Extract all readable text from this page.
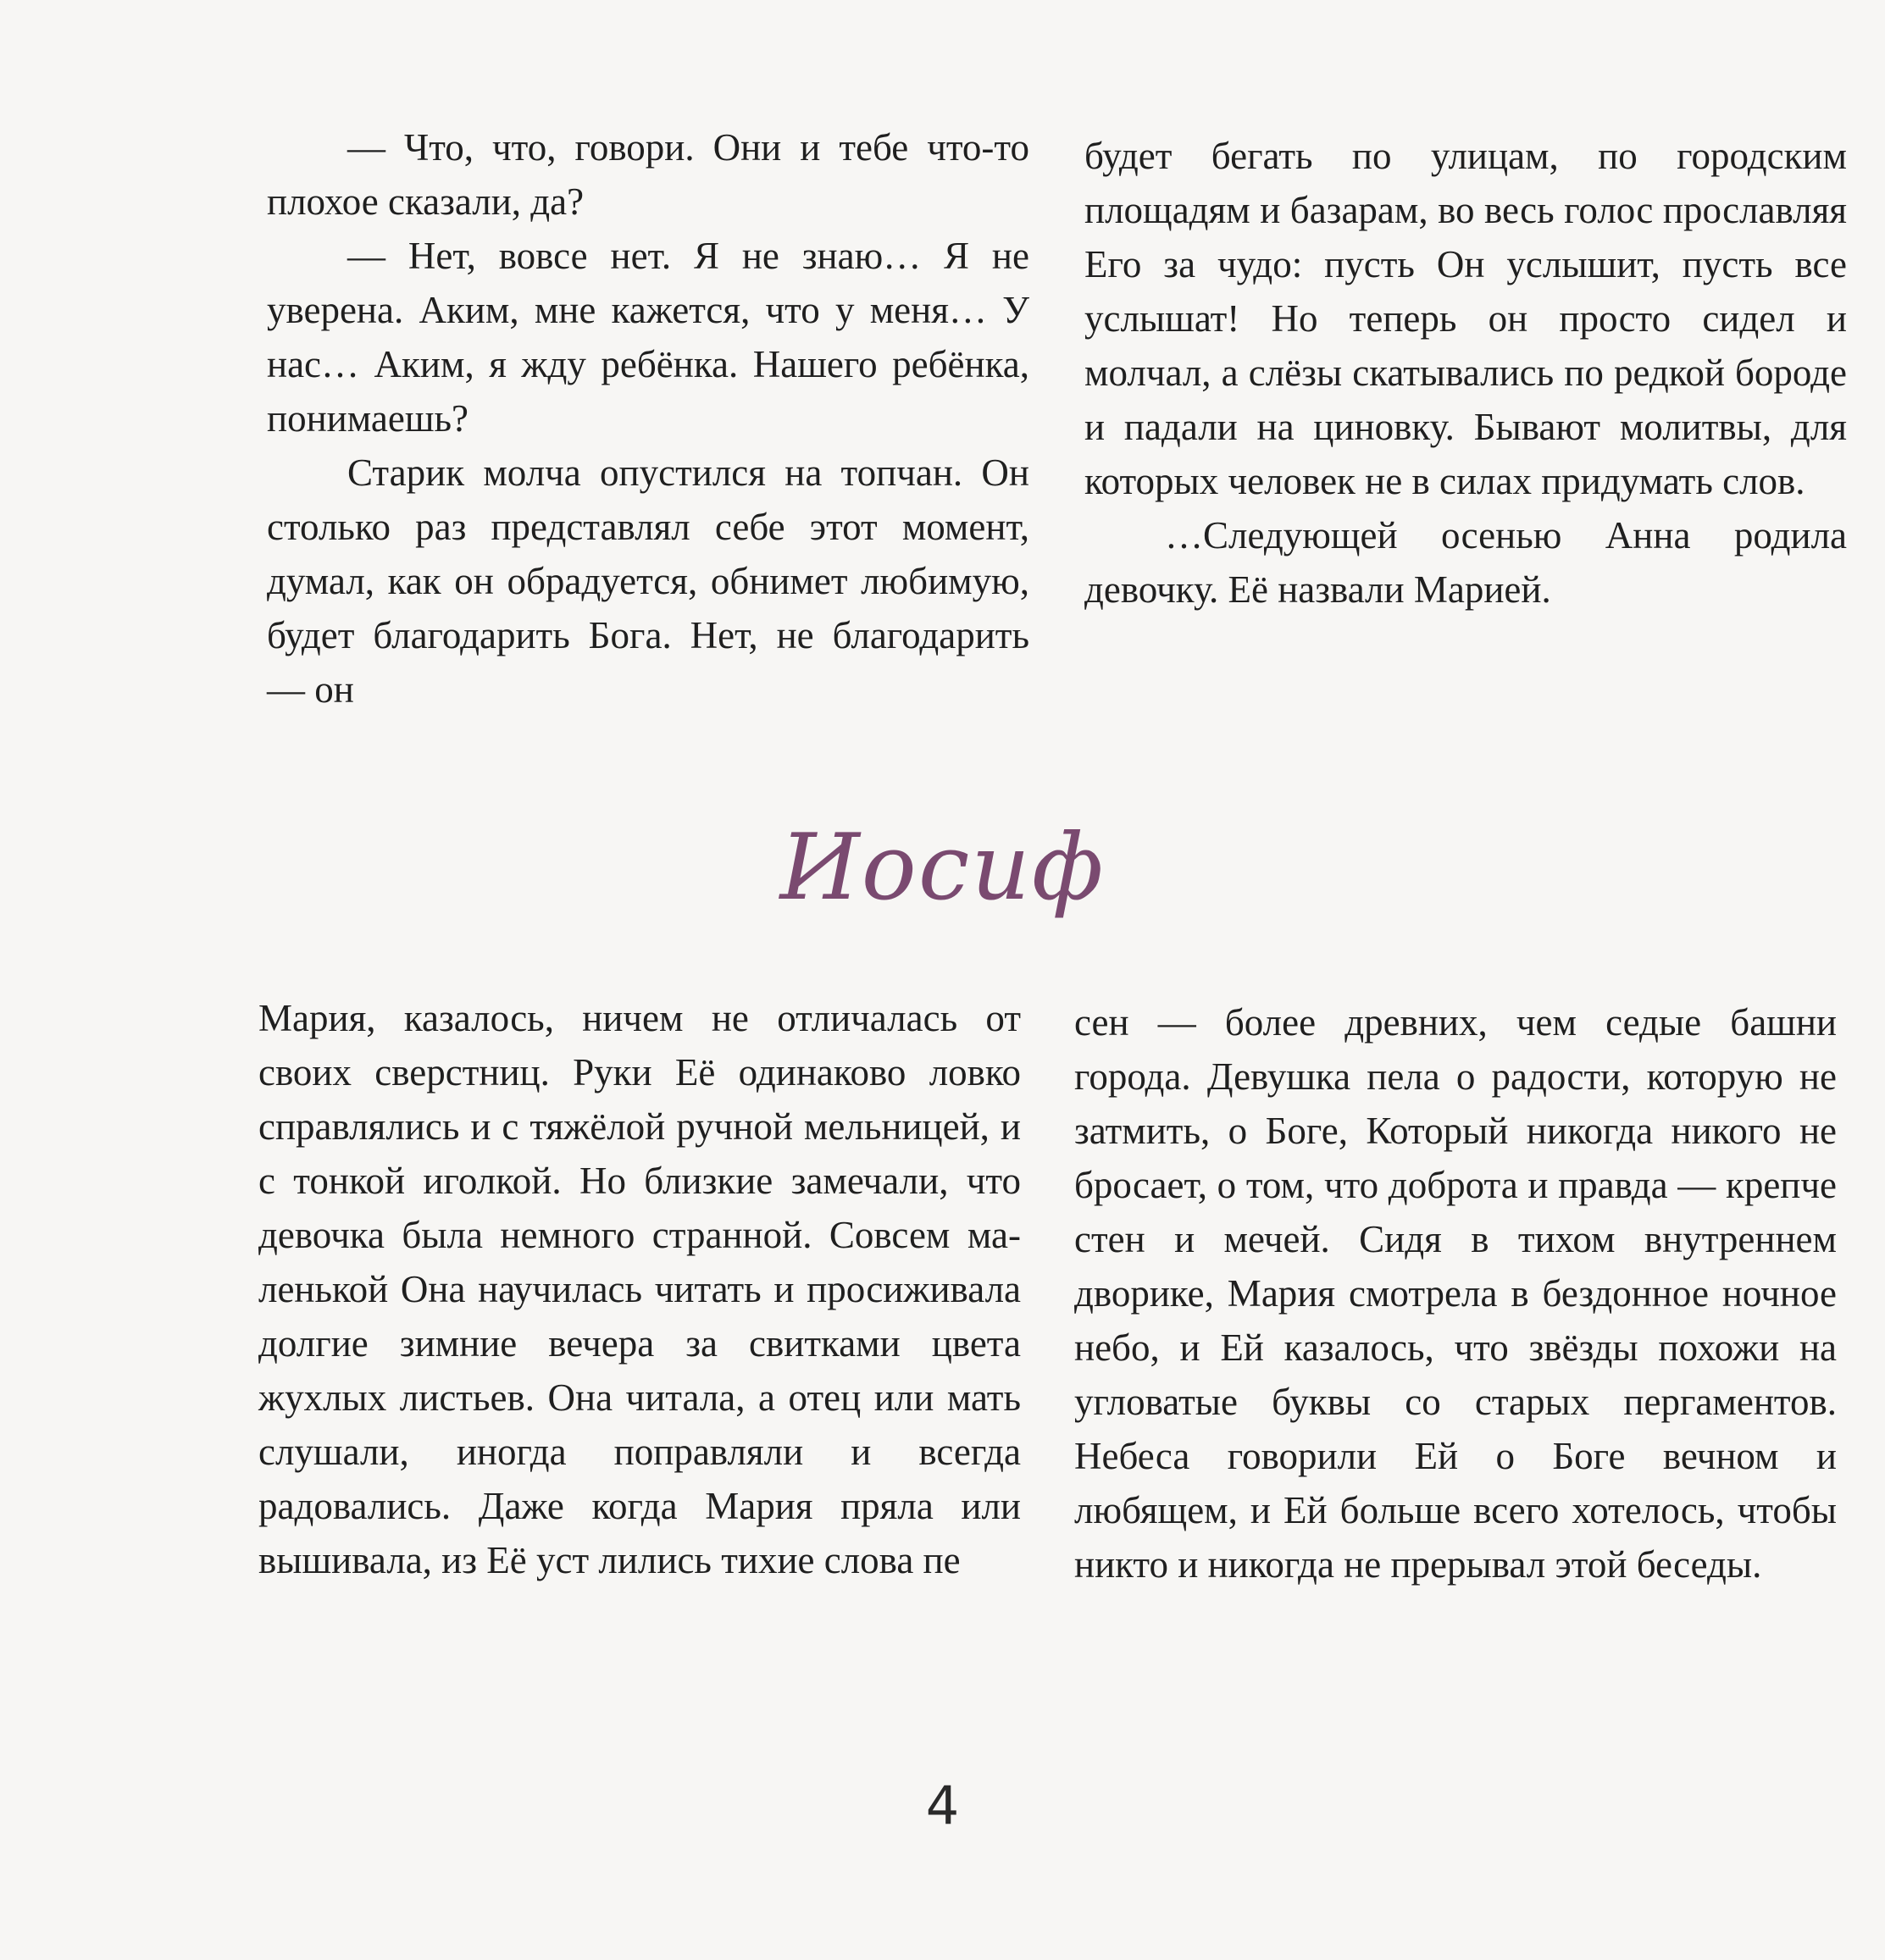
— Что, что, говори. Они и тебе что-то плохое сказали, да?

— Нет, вовсе нет. Я не знаю… Я не уверена. Аким, мне кажется, что у меня… У нас… Аким, я жду ребёнка. Нашего ребёнка, понимаешь?

Старик молча опустился на топчан. Он столько раз представлял себе этот момент, думал, как он обрадуется, обнимет любимую, будет благодарить Бога. Нет, не благодарить — он

будет бегать по улицам, по городским площадям и базарам, во весь голос прославляя Его за чудо: пусть Он услышит, пусть все услышат! Но теперь он просто сидел и молчал, а слёзы скатывались по редкой бороде и падали на циновку. Бывают молитвы, для которых человек не в силах придумать слов.

…Следующей осенью Анна родила девочку. Её назвали Марией.

Иосиф

Мария, казалось, ничем не отличалась от своих сверстниц. Руки Её одинаково ловко справлялись и с тяжёлой ручной мельницей, и с тонкой иголкой. Но близкие замечали, что девочка была немного странной. Совсем маленькой Она научилась читать и просиживала долгие зимние вечера за свитками цвета жухлых листьев. Она читала, а отец или мать слушали, иногда поправляли и всегда радовались. Даже когда Мария пряла или вышивала, из Её уст лились тихие слова пе

сен — более древних, чем седые башни города. Девушка пела о радости, которую не затмить, о Боге, Который никогда никого не бросает, о том, что доброта и правда — крепче стен и мечей. Сидя в тихом внутреннем дворике, Мария смотрела в бездонное ночное небо, и Ей казалось, что звёзды похожи на угловатые буквы со старых пергаментов. Небеса говорили Ей о Боге вечном и любящем, и Ей больше всего хотелось, чтобы никто и никогда не прерывал этой беседы.

4
